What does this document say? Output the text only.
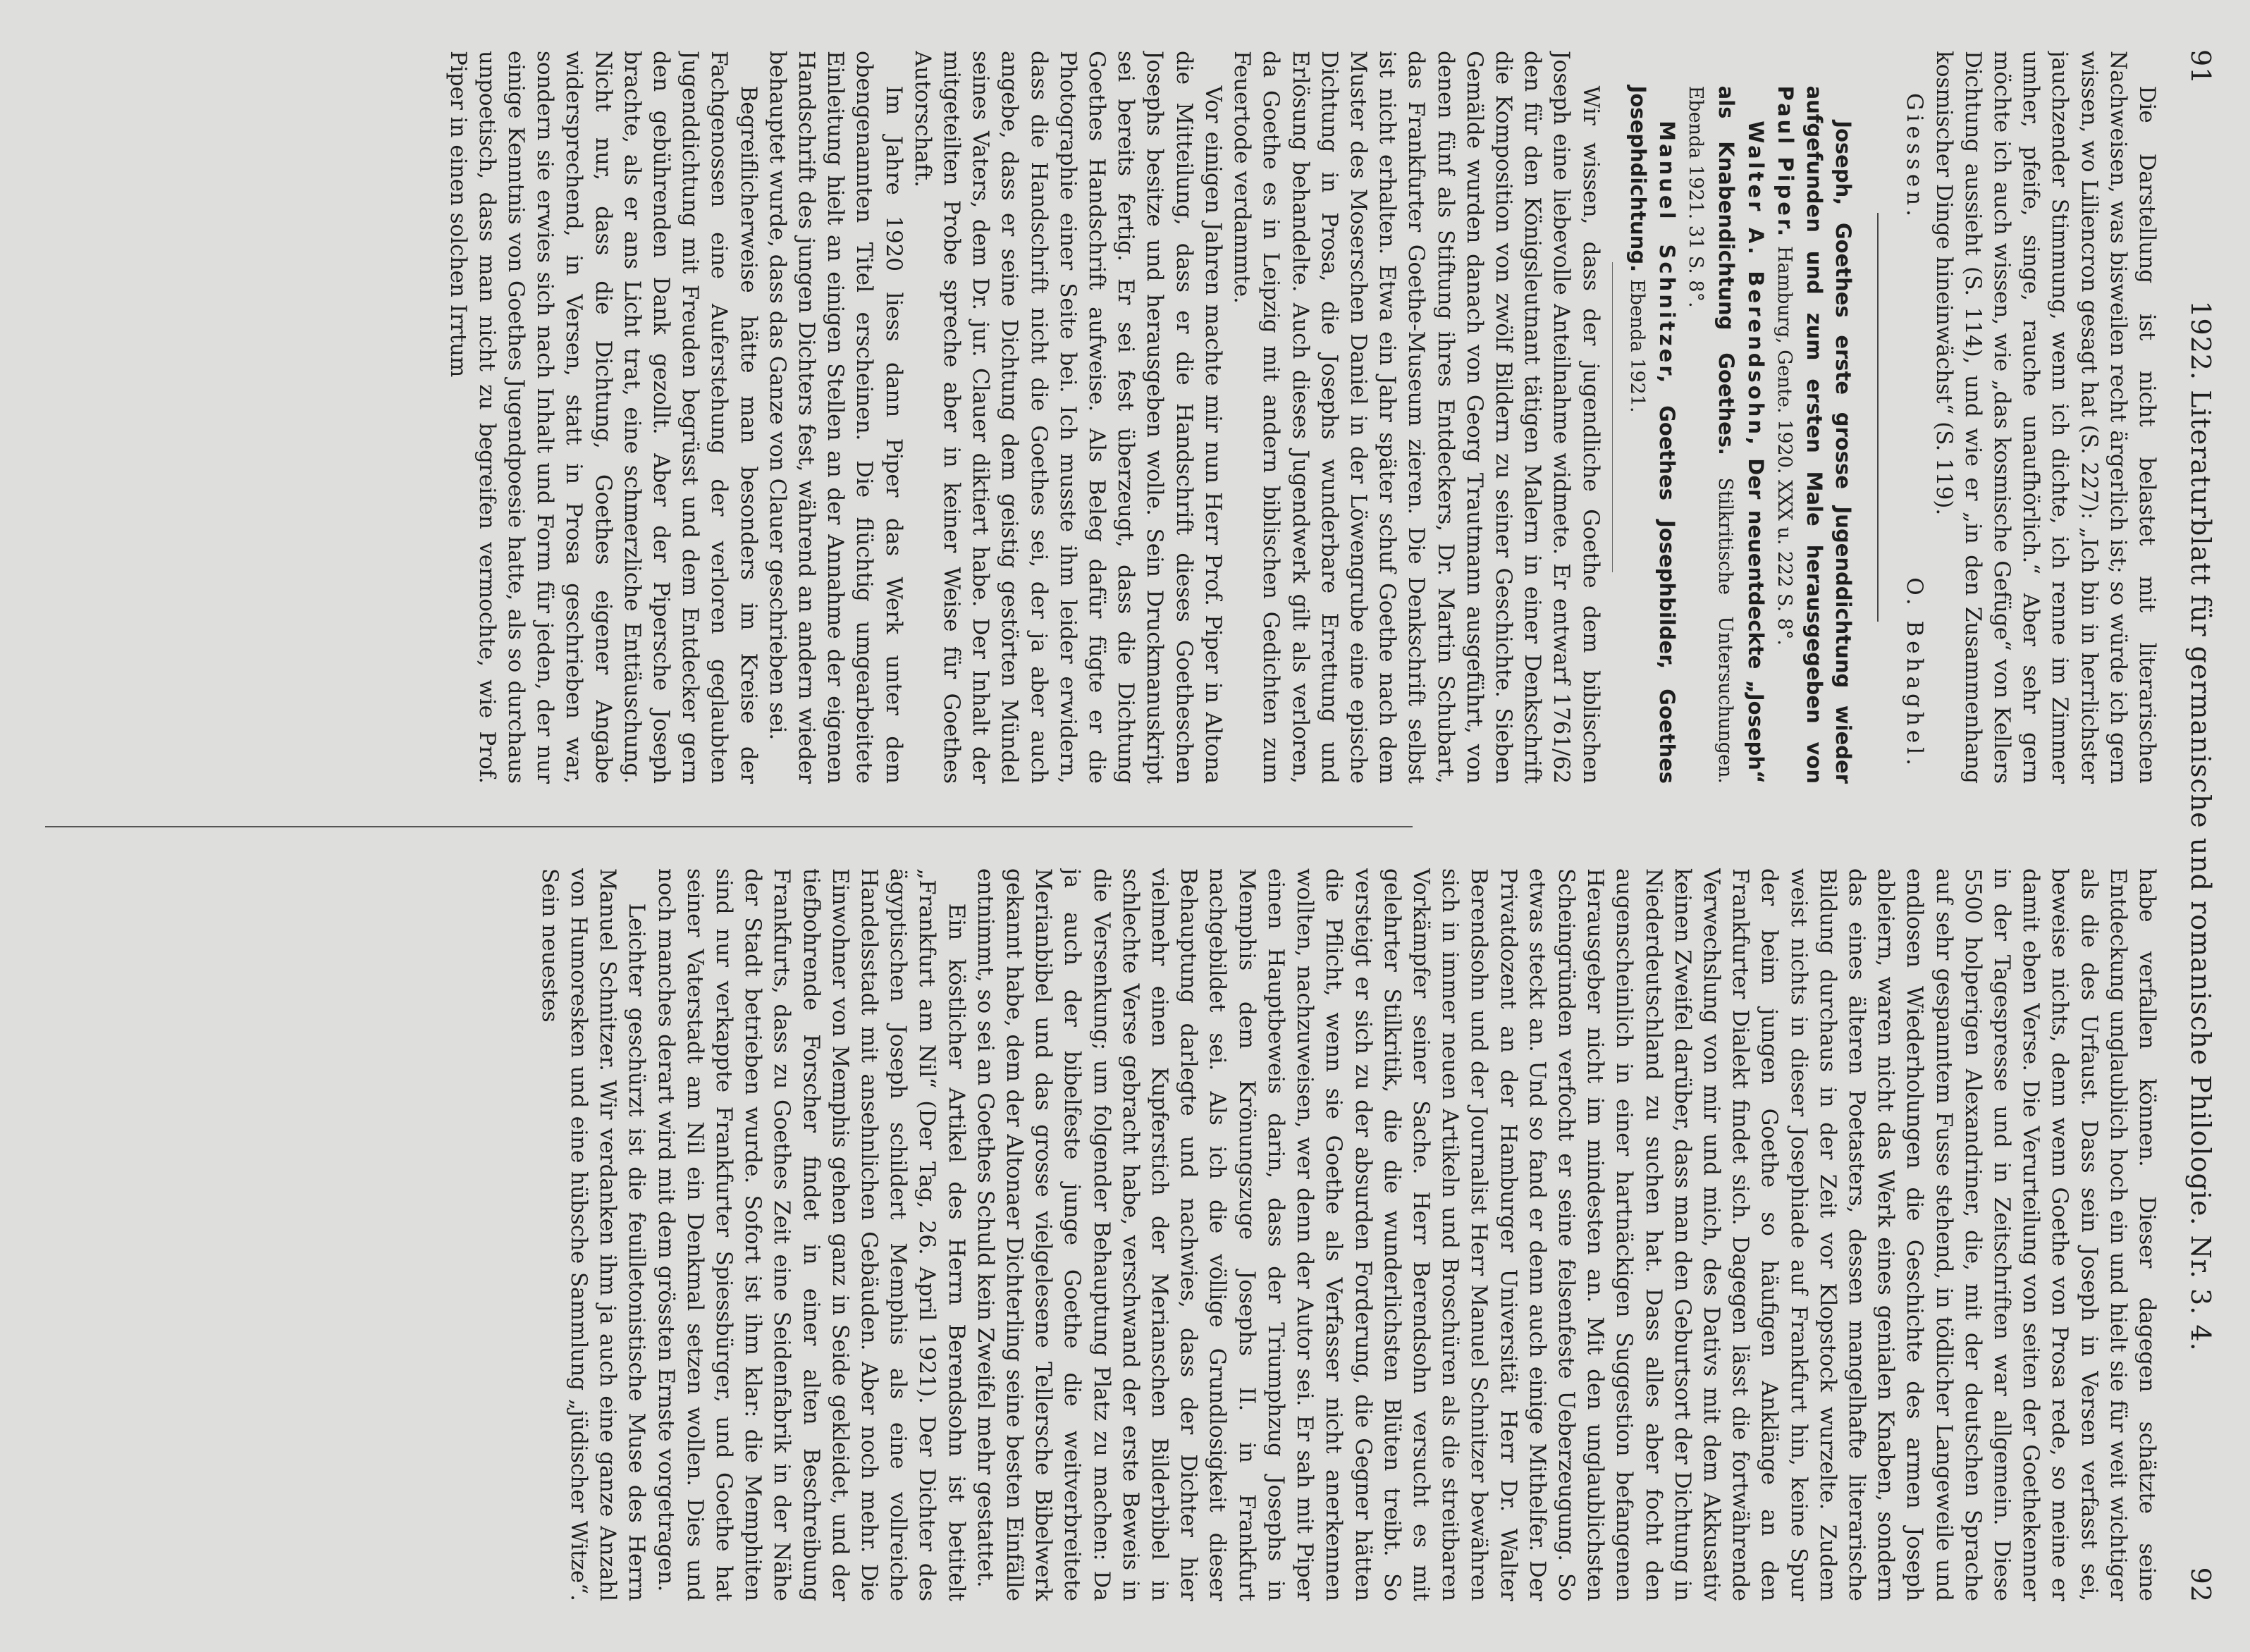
91
1922. Literaturblatt für germanische und romanische Philologie. Nr. 3. 4.
92

Die Darstellung ist nicht belastet mit literarischen Nachweisen, was bisweilen recht ärgerlich ist; so würde ich gern wissen, wo Liliencron gesagt hat (S. 227): „Ich bin in herrlichster jauchzender Stimmung, wenn ich dichte, ich renne im Zimmer umher, pfeife, singe, rauche unaufhörlich.“ Aber sehr gern möchte ich auch wissen, wie „das kosmische Gefüge“ von Kellers Dichtung aussieht (S. 114), und wie er „in den Zusammenhang kosmischer Dinge hineinwächst“ (S. 119).

Giessen.
O. Behaghel.

Joseph, Goethes erste grosse Jugenddichtung wieder aufgefunden und zum ersten Male herausgegeben von Paul Piper. Hamburg, Gente. 1920. XXX u. 222 S. 8°.

Walter A. Berendsohn, Der neuentdeckte „Joseph“ als Knabendichtung Goethes. Stilkritische Untersuchungen. Ebenda 1921. 31 S. 8°.

Manuel Schnitzer, Goethes Josephbilder, Goethes Josephdichtung. Ebenda 1921.

Wir wissen, dass der jugendliche Goethe dem biblischen Joseph eine liebevolle Anteilnahme widmete. Er entwarf 1761/62 den für den Königsleutnant tätigen Malern in einer Denkschrift die Komposition von zwölf Bildern zu seiner Geschichte. Sieben Gemälde wurden danach von Georg Trautmann ausgeführt, von denen fünf als Stiftung ihres Entdeckers, Dr. Martin Schubart, das Frankfurter Goethe-Museum zieren. Die Denkschrift selbst ist nicht erhalten. Etwa ein Jahr später schuf Goethe nach dem Muster des Moserschen Daniel in der Löwengrube eine epische Dichtung in Prosa, die Josephs wunderbare Errettung und Erlösung behandelte. Auch dieses Jugendwerk gilt als verloren, da Goethe es in Leipzig mit andern biblischen Gedichten zum Feuertode verdammte.

Vor einigen Jahren machte mir nun Herr Prof. Piper in Altona die Mitteilung, dass er die Handschrift dieses Goetheschen Josephs besitze und herausgeben wolle. Sein Druckmanuskript sei bereits fertig. Er sei fest überzeugt, dass die Dichtung Goethes Handschrift aufweise. Als Beleg dafür fügte er die Photographie einer Seite bei. Ich musste ihm leider erwidern, dass die Handschrift nicht die Goethes sei, der ja aber auch angebe, dass er seine Dichtung dem geistig gestörten Mündel seines Vaters, dem Dr. jur. Clauer diktiert habe. Der Inhalt der mitgeteilten Probe spreche aber in keiner Weise für Goethes Autorschaft.

Im Jahre 1920 liess dann Piper das Werk unter dem obengenannten Titel erscheinen. Die flüchtig umgearbeitete Einleitung hielt an einigen Stellen an der Annahme der eigenen Handschrift des jungen Dichters fest, während an andern wieder behauptet wurde, dass das Ganze von Clauer geschrieben sei.

Begreiflicherweise hätte man besonders im Kreise der Fachgenossen eine Auferstehung der verloren geglaubten Jugenddichtung mit Freuden begrüsst und dem Entdecker gern den gebührenden Dank gezollt. Aber der Pipersche Joseph brachte, als er ans Licht trat, eine schmerzliche Enttäuschung. Nicht nur, dass die Dichtung, Goethes eigener Angabe widersprechend, in Versen, statt in Prosa geschrieben war, sondern sie erwies sich nach Inhalt und Form für jeden, der nur einige Kenntnis von Goethes Jugendpoesie hatte, als so durchaus unpoetisch, dass man nicht zu begreifen vermochte, wie Prof. Piper in einen solchen Irrtum

habe verfallen können. Dieser dagegen schätzte seine Entdeckung unglaublich hoch ein und hielt sie für weit wichtiger als die des Urfaust. Dass sein Joseph in Versen verfasst sei, beweise nichts, denn wenn Goethe von Prosa rede, so meine er damit eben Verse. Die Verurteilung von seiten der Goethekenner in der Tagespresse und in Zeitschriften war allgemein. Diese 5500 holperigen Alexandriner, die, mit der deutschen Sprache auf sehr gespanntem Fusse stehend, in tödlicher Langeweile und endlosen Wiederholungen die Geschichte des armen Joseph ableiern, waren nicht das Werk eines genialen Knaben, sondern das eines älteren Poetasters, dessen mangelhafte literarische Bildung durchaus in der Zeit vor Klopstock wurzelte. Zudem weist nichts in dieser Josephiade auf Frankfurt hin, keine Spur der beim jungen Goethe so häufigen Anklänge an den Frankfurter Dialekt findet sich. Dagegen lässt die fortwährende Verwechslung von mir und mich, des Dativs mit dem Akkusativ keinen Zweifel darüber, dass man den Geburtsort der Dichtung in Niederdeutschland zu suchen hat. Dass alles aber focht den augenscheinlich in einer hartnäckigen Suggestion befangenen Herausgeber nicht im mindesten an. Mit den unglaublichsten Scheingründen verfocht er seine felsenfeste Ueberzeugung. So etwas steckt an. Und so fand er denn auch einige Mithelfer. Der Privatdozent an der Hamburger Universität Herr Dr. Walter Berendsohn und der Journalist Herr Manuel Schnitzer bewähren sich in immer neuen Artikeln und Broschüren als die streitbaren Vorkämpfer seiner Sache. Herr Berendsohn versucht es mit gelehrter Stilkritik, die die wunderlichsten Blüten treibt. So versteigt er sich zu der absurden Forderung, die Gegner hätten die Pflicht, wenn sie Goethe als Verfasser nicht anerkennen wollten, nachzuweisen, wer denn der Autor sei. Er sah mit Piper einen Hauptbeweis darin, dass der Triumphzug Josephs in Memphis dem Krönungszuge Josephs II. in Frankfurt nachgebildet sei. Als ich die völlige Grundlosigkeit dieser Behauptung darlegte und nachwies, dass der Dichter hier vielmehr einen Kupferstich der Merianschen Bilderbibel in schlechte Verse gebracht habe, verschwand der erste Beweis in die Versenkung; um folgender Behauptung Platz zu machen: Da ja auch der bibelfeste junge Goethe die weitverbreitete Merianbibel und das grosse vielgelesene Tellersche Bibelwerk gekannt habe, dem der Altonaer Dichterling seine besten Einfälle entnimmt, so sei an Goethes Schuld kein Zweifel mehr gestattet.

Ein köstlicher Artikel des Herrn Berendsohn ist betitelt „Frankfurt am Nil“ (Der Tag, 26. April 1921). Der Dichter des ägyptischen Joseph schildert Memphis als eine vollreiche Handelsstadt mit ansehnlichen Gebäuden. Aber noch mehr. Die Einwohner von Memphis gehen ganz in Seide gekleidet, und der tiefbohrende Forscher findet in einer alten Beschreibung Frankfurts, dass zu Goethes Zeit eine Seidenfabrik in der Nähe der Stadt betrieben wurde. Sofort ist ihm klar: die Memphiten sind nur verkappte Frankfurter Spiessbürger, und Goethe hat seiner Vaterstadt am Nil ein Denkmal setzen wollen. Dies und noch manches derart wird mit dem grössten Ernste vorgetragen.

Leichter geschürzt ist die feuilletonistische Muse des Herrn Manuel Schnitzer. Wir verdanken ihm ja auch eine ganze Anzahl von Humoresken und eine hübsche Sammlung „jüdischer Witze“. Sein neuestes
